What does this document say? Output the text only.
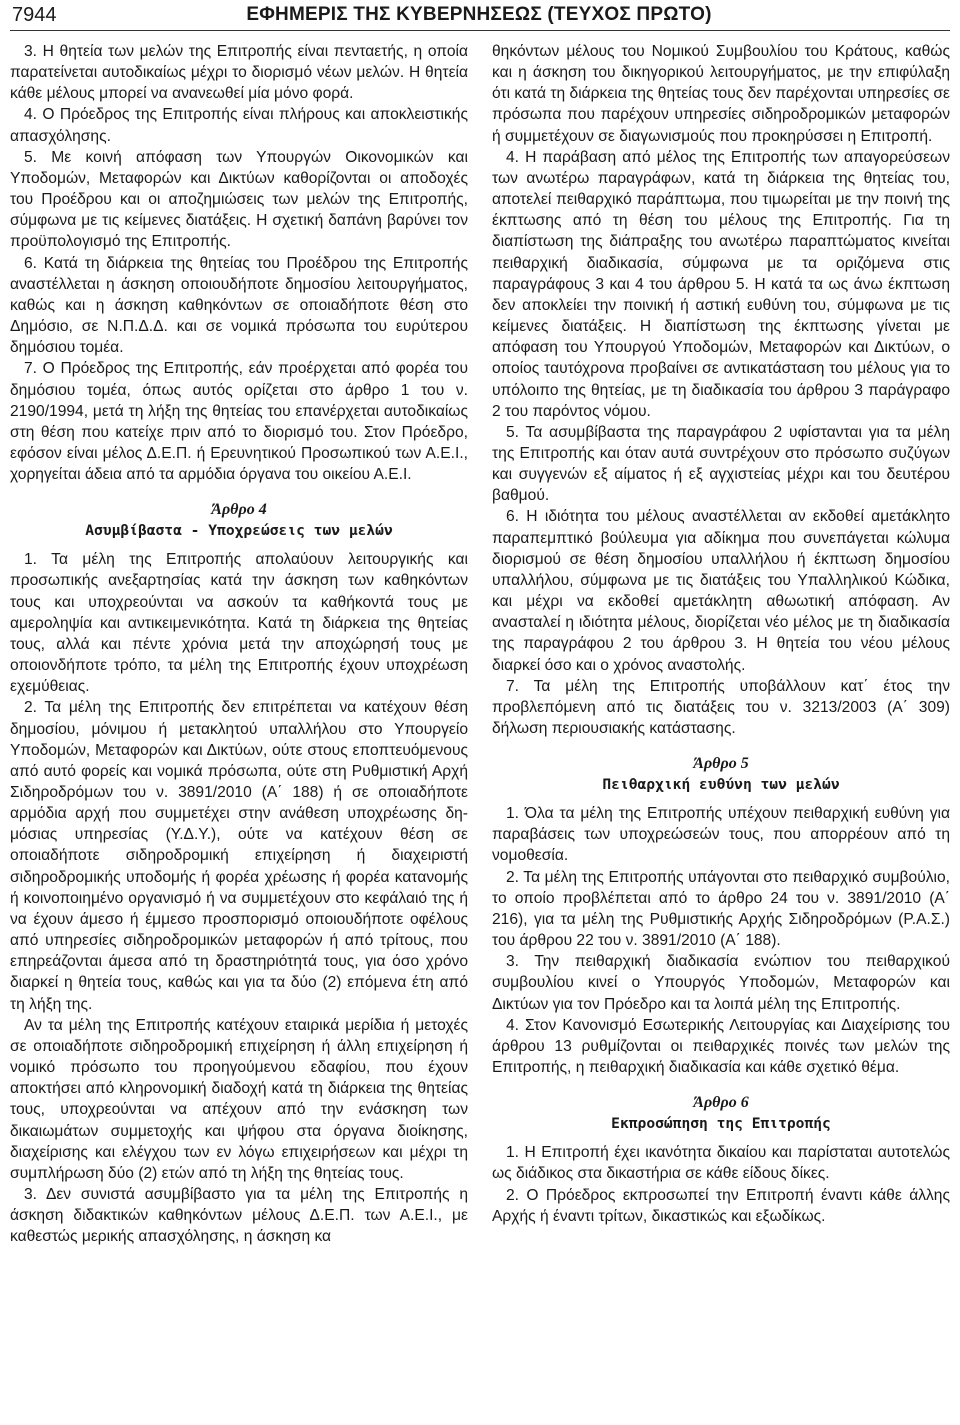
7944	ΕΦΗΜΕΡΙΣ ΤΗΣ ΚΥΒΕΡΝΗΣΕΩΣ (ΤΕΥΧΟΣ ΠΡΩΤΟ)

3. Η θητεία των μελών της Επιτροπής είναι πενταετής, η οποία παρατείνεται αυτοδικαίως μέχρι το διορισμό νέων μελών. Η θητεία κάθε μέλους μπορεί να ανανεωθεί μία μόνο φορά.

4. Ο Πρόεδρος της Επιτροπής είναι πλήρους και αποκλειστικής απασχόλησης.

5. Με κοινή απόφαση των Υπουργών Οικονομικών και Υποδομών, Μεταφορών και Δικτύων καθορίζονται οι αποδοχές του Προέδρου και οι αποζημιώσεις των μελών της Επιτροπής, σύμφωνα με τις κείμενες διατάξεις. Η σχετική δαπάνη βαρύνει τον προϋπολογισμό της Επιτροπής.

6. Κατά τη διάρκεια της θητείας του Προέδρου της Επιτροπής αναστέλλεται η άσκηση οποιουδήποτε δημοσίου λειτουργήματος, καθώς και η άσκηση καθηκόντων σε οποιαδήποτε θέση στο Δημόσιο, σε Ν.Π.Δ.Δ. και σε νομικά πρόσωπα του ευρύτερου δημόσιου τομέα.

7. Ο Πρόεδρος της Επιτροπής, εάν προέρχεται από φορέα του δημόσιου τομέα, όπως αυτός ορίζεται στο άρθρο 1 του ν. 2190/1994, μετά τη λήξη της θητείας του επανέρχεται αυτοδικαίως στη θέση που κατείχε πριν από το διορισμό του. Στον Πρόεδρο, εφόσον είναι μέλος Δ.Ε.Π. ή Ερευνητικού Προσωπικού των Α.Ε.Ι., χορηγείται άδεια από τα αρμόδια όργανα του οικείου Α.Ε.Ι.

Άρθρο 4
Ασυμβίβαστα - Υποχρεώσεις των μελών

1. Τα μέλη της Επιτροπής απολαύουν λειτουργικής και προσωπικής ανεξαρτησίας κατά την άσκηση των καθηκόντων τους και υποχρεούνται να ασκούν τα καθήκοντά τους με αμεροληψία και αντικειμενικότητα. Κατά τη διάρκεια της θητείας τους, αλλά και πέντε χρόνια μετά την αποχώρησή τους με οποιονδήποτε τρόπο, τα μέλη της Επιτροπής έχουν υποχρέωση εχεμύθειας.

2. Τα μέλη της Επιτροπής δεν επιτρέπεται να κατέχουν θέση δημοσίου, μόνιμου ή μετακλητού υπαλλήλου στο Υπουργείο Υποδομών, Μεταφορών και Δικτύων, ούτε στους εποπτευόμενους από αυτό φορείς και νομικά πρόσωπα, ούτε στη Ρυθμιστική Αρχή Σιδηροδρόμων του ν. 3891/2010 (Α΄ 188) ή σε οποιαδήποτε αρμόδια αρχή που συμμετέχει στην ανάθεση υποχρέωσης δημόσιας υπηρεσίας (Υ.Δ.Υ.), ούτε να κατέχουν θέση σε οποιαδήποτε σιδηροδρομική επιχείρηση ή διαχειριστή σιδηροδρομικής υποδομής ή φορέα χρέωσης ή φορέα κατανομής ή κοινοποιημένο οργανισμό ή να συμμετέχουν στο κεφάλαιό της ή να έχουν άμεσο ή έμμεσο προσπορισμό οποιουδήποτε οφέλους από υπηρεσίες σιδηροδρομικών μεταφορών ή από τρίτους, που επηρεάζονται άμεσα από τη δραστηριότητά τους, για όσο χρόνο διαρκεί η θητεία τους, καθώς και για τα δύο (2) επόμενα έτη από τη λήξη της.

Αν τα μέλη της Επιτροπής κατέχουν εταιρικά μερίδια ή μετοχές σε οποιαδήποτε σιδηροδρομική επιχείρηση ή άλλη επιχείρηση ή νομικό πρόσωπο του προηγούμενου εδαφίου, που έχουν αποκτήσει από κληρονομική διαδοχή κατά τη διάρκεια της θητείας τους, υποχρεούνται να απέχουν από την ενάσκηση των δικαιωμάτων συμμετοχής και ψήφου στα όργανα διοίκησης, διαχείρισης και ελέγχου των εν λόγω επιχειρήσεων και μέχρι τη συμπλήρωση δύο (2) ετών από τη λήξη της θητείας τους.

3. Δεν συνιστά ασυμβίβαστο για τα μέλη της Επιτροπής η άσκηση διδακτικών καθηκόντων μέλους Δ.Ε.Π. των Α.Ε.Ι., με καθεστώς μερικής απασχόλησης, η άσκηση κα

θηκόντων μέλους του Νομικού Συμβουλίου του Κράτους, καθώς και η άσκηση του δικηγορικού λειτουργήματος, με την επιφύλαξη ότι κατά τη διάρκεια της θητείας τους δεν παρέχονται υπηρεσίες σε πρόσωπα που παρέχουν υπηρεσίες σιδηροδρομικών μεταφορών ή συμμετέχουν σε διαγωνισμούς που προκηρύσσει η Επιτροπή.

4. Η παράβαση από μέλος της Επιτροπής των απαγορεύσεων των ανωτέρω παραγράφων, κατά τη διάρκεια της θητείας του, αποτελεί πειθαρχικό παράπτωμα, που τιμωρείται με την ποινή της έκπτωσης από τη θέση του μέλους της Επιτροπής. Για τη διαπίστωση της διάπραξης του ανωτέρω παραπτώματος κινείται πειθαρχική διαδικασία, σύμφωνα με τα οριζόμενα στις παραγράφους 3 και 4 του άρθρου 5. Η κατά τα ως άνω έκπτωση δεν αποκλείει την ποινική ή αστική ευθύνη του, σύμφωνα με τις κείμενες διατάξεις. Η διαπίστωση της έκπτωσης γίνεται με απόφαση του Υπουργού Υποδομών, Μεταφορών και Δικτύων, ο οποίος ταυτόχρονα προβαίνει σε αντικατάσταση του μέλους για το υπόλοιπο της θητείας, με τη διαδικασία του άρθρου 3 παράγραφο 2 του παρόντος νόμου.

5. Τα ασυμβίβαστα της παραγράφου 2 υφίστανται για τα μέλη της Επιτροπής και όταν αυτά συντρέχουν στο πρόσωπο συζύγων και συγγενών εξ αίματος ή εξ αγχιστείας μέχρι και του δευτέρου βαθμού.

6. Η ιδιότητα του μέλους αναστέλλεται αν εκδοθεί αμετάκλητο παραπεμπτικό βούλευμα για αδίκημα που συνεπάγεται κώλυμα διορισμού σε θέση δημοσίου υπαλλήλου ή έκπτωση δημοσίου υπαλλήλου, σύμφωνα με τις διατάξεις του Υπαλληλικού Κώδικα, και μέχρι να εκδοθεί αμετάκλητη αθωωτική απόφαση. Αν ανασταλεί η ιδιότητα μέλους, διορίζεται νέο μέλος με τη διαδικασία της παραγράφου 2 του άρθρου 3. Η θητεία του νέου μέλους διαρκεί όσο και ο χρόνος αναστολής.

7. Τα μέλη της Επιτροπής υποβάλλουν κατ΄ έτος την προβλεπόμενη από τις διατάξεις του ν. 3213/2003 (Α΄ 309) δήλωση περιουσιακής κατάστασης.

Άρθρο 5
Πειθαρχική ευθύνη των μελών

1. Όλα τα μέλη της Επιτροπής υπέχουν πειθαρχική ευθύνη για παραβάσεις των υποχρεώσεών τους, που απορρέουν από τη νομοθεσία.

2. Τα μέλη της Επιτροπής υπάγονται στο πειθαρχικό συμβούλιο, το οποίο προβλέπεται από το άρθρο 24 του ν. 3891/2010 (Α΄ 216), για τα μέλη της Ρυθμιστικής Αρχής Σιδηροδρόμων (Ρ.Α.Σ.) του άρθρου 22 του ν. 3891/2010 (Α΄ 188).

3. Την πειθαρχική διαδικασία ενώπιον του πειθαρχικού συμβουλίου κινεί ο Υπουργός Υποδομών, Μεταφορών και Δικτύων για τον Πρόεδρο και τα λοιπά μέλη της Επιτροπής.

4. Στον Κανονισμό Εσωτερικής Λειτουργίας και Διαχείρισης του άρθρου 13 ρυθμίζονται οι πειθαρχικές ποινές των μελών της Επιτροπής, η πειθαρχική διαδικασία και κάθε σχετικό θέμα.

Άρθρο 6
Εκπροσώπηση της Επιτροπής

1. Η Επιτροπή έχει ικανότητα δικαίου και παρίσταται αυτοτελώς ως διάδικος στα δικαστήρια σε κάθε είδους δίκες.

2. Ο Πρόεδρος εκπροσωπεί την Επιτροπή έναντι κάθε άλλης Αρχής ή έναντι τρίτων, δικαστικώς και εξωδίκως.
